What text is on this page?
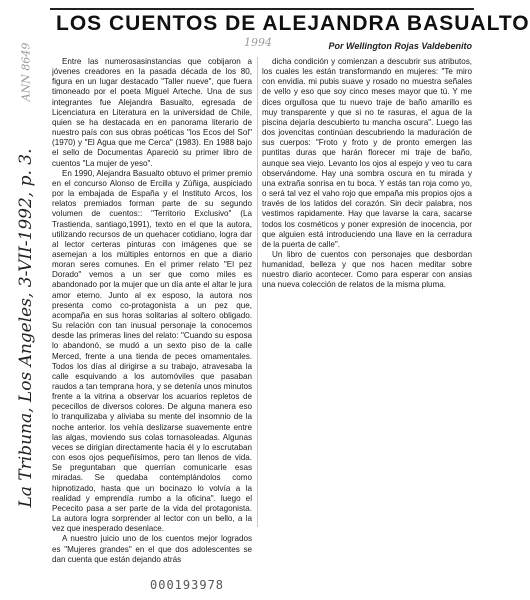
LOS CUENTOS DE ALEJANDRA BASUALTO
1994	Por Wellington Rojas Valdebenito
ANN 8649
La Tribuna, Los Angeles, 3-VII-1992, p. 3.

Entre las numerosasinstancias que cobijaron a jóvenes creadores en la pasada década de los 80, figura en un lugar destacado "Taller nueve", que fuera timoneado por el poeta Miguel Arteche. Una de sus integrantes fue Alejandra Basualto, egresada de Licenciatura en Literatura en la universidad de Chile, quien se ha destacada en en panorama literario de nuestro país con sus obras poéticas "los Ecos del Sol" (1970) y "El Agua que me Cerca" (1983). En 1988 bajo el sello de Documentas Apareció su primer libro de cuentos "La mujer de yeso".

En 1990, Alejandra Basualto obtuvo el primer premio en el concurso Alonso de Ercilla y Zúñiga, auspiciado por la embajada de España y el Instituto Arcos, los relatos premiados forman parte de su segundo volumen de cuentos:: "Territorio Exclusivo" (La Trastienda, santiago,1991), texto en el que la autora, utilizando recursos de un quehacer cotidiano, logra dar al lector certeras pinturas con imágenes que se asemejan a los múltiples entornos en que a diario moran seres comunes. En el primer relato "El pez Dorado" vemos a un ser que como miles es abandonado por la mujer que un día ante el altar le jura amor eterno. Junto al ex esposo, la autora nos presenta como co-protagonista a un pez que, acompaña en sus horas solitarias al soltero obligado. Su relación con tan inusual personaje la conocemos desde las primeras lines del relato: "Cuando su esposa lo abandonó, se mudó a un sexto piso de la calle Merced, frente a una tienda de peces ornamentales. Todos los días al dirigirse a su trabajo, atravesaba la calle esquivando a los automóviles que pasaban raudos a tan temprana hora, y se detenía unos minutos frente a la vitrina a observar los acuarios repletos de pececillos de diversos colores. De alguna manera eso lo tranquilizaba y aliviaba su mente del insomnio de la noche anterior. los vehía deslizarse suavemente entre las algas, moviendo sus colas tornasoleadas. Algunas veces se dirigían directamente hacia él y lo escrutaban con esos ojos pequeñísimos, pero tan llenos de vida. Se preguntaban que querrían comunicarle esas miradas. Se quedaba contemplándolos como hipnotizado, hasta que un bocinazo lo volvía a la realidad y emprendía rumbo a la oficina". luego el Pececito pasa a ser parte de la vida del protagonista. La autora logra sorprender al lector con un bello, a la vez que inesperado desenlace.

A nuestro juicio uno de los cuentos mejor logrados es "Mujeres grandes" en el que dos adolescentes se dan cuenta que están dejando atrás

dicha condición y comienzan a descubrir sus atributos, los cuales les están transformando en mujeres: "Te miro con envidia. mi pubis suave y rosado no muestra señales de vello y eso que soy cinco meses mayor que tú. Y me dices orgullosa que tu nuevo traje de baño amarillo es muy transparente y que si no te rasuras, el agua de la piscina dejaría descubierto tu mancha oscura". Luego las dos jovencitas continúan descubriendo la maduración de sus cuerpos: "Froto y froto y de pronto emergen las puntitas duras que harán florecer mi traje de baño, aunque sea viejo. Levanto los ojos al espejo y veo tu cara observándome. Hay una sombra oscura en tu mirada y una extraña sonrisa en tu boca. Y estás tan roja como yo, o será tal vez el vaho rojo que empaña mis propios ojos a través de los latidos del corazón. Sin decir palabra, nos vestimos rapidamente. Hay que lavarse la cara, sacarse todos los cosméticos y poner expresión de inocencia, por que alguien está introduciendo una llave en la cerradura de la puerta de calle".

Un libro de cuentos con personajes que desbordan humanidad, belleza y que nos hacen meditar sobre nuestro diario acontecer. Como para esperar con ansias una nueva colección de relatos de la misma pluma.

000193978
